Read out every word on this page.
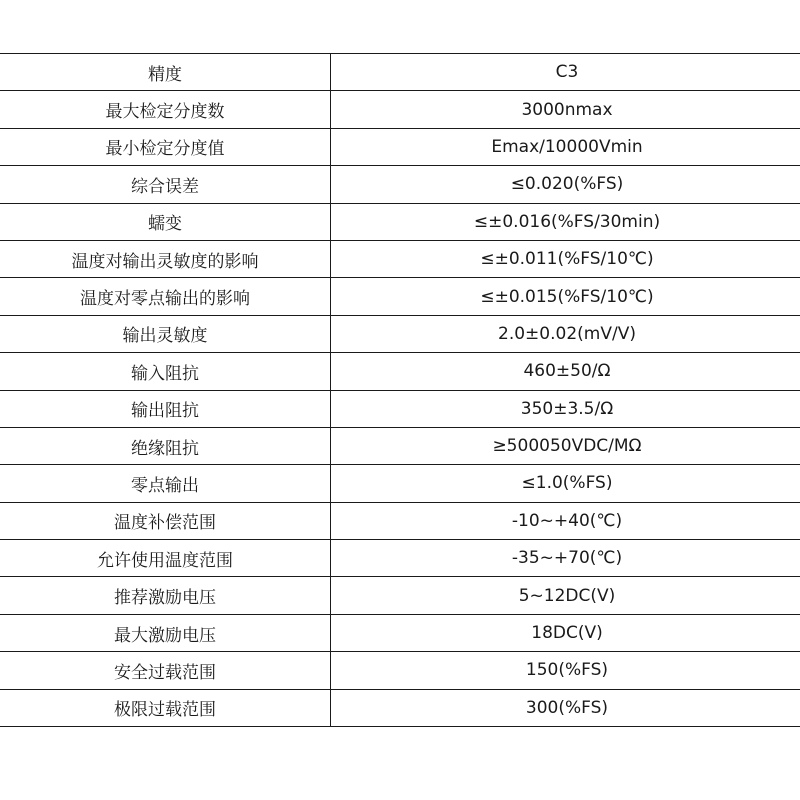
精度	C3
最大检定分度数	3000nmax
最小检定分度值	Emax/10000Vmin
综合误差	≤0.020(%FS)
蠕变	≤±0.016(%FS/30min)
温度对输出灵敏度的影响	≤±0.011(%FS/10℃)
温度对零点输出的影响	≤±0.015(%FS/10℃)
输出灵敏度	2.0±0.02(mV/V)
输入阻抗	460±50/Ω
输出阻抗	350±3.5/Ω
绝缘阻抗	≥500050VDC/MΩ
零点输出	≤1.0(%FS)
温度补偿范围	-10~+40(℃)
允许使用温度范围	-35~+70(℃)
推荐激励电压	5~12DC(V)
最大激励电压	18DC(V)
安全过载范围	150(%FS)
极限过载范围	300(%FS)
